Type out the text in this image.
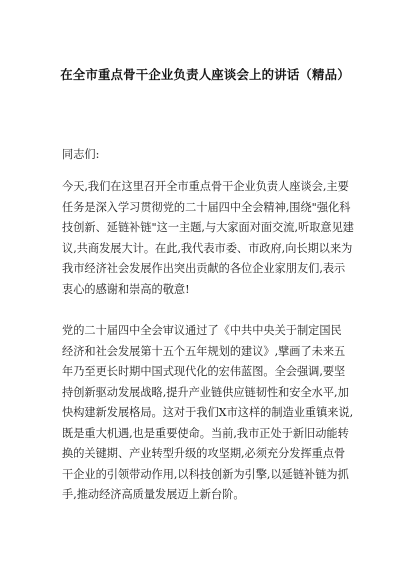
在全市重点骨干企业负责人座谈会上的讲话（精品）
同志们:
今天,我们在这里召开全市重点骨干企业负责人座谈会,主要
任务是深入学习贯彻党的二十届四中全会精神,围绕"强化科
技创新、延链补链"这一主题,与大家面对面交流,听取意见建
议,共商发展大计。在此,我代表市委、市政府,向长期以来为
我市经济社会发展作出突出贡献的各位企业家朋友们,表示
衷心的感谢和崇高的敬意!
党的二十届四中全会审议通过了《中共中央关于制定国民
经济和社会发展第十五个五年规划的建议》,擘画了未来五
年乃至更长时期中国式现代化的宏伟蓝图。全会强调,要坚
持创新驱动发展战略,提升产业链供应链韧性和安全水平,加
快构建新发展格局。这对于我们X市这样的制造业重镇来说,
既是重大机遇,也是重要使命。当前,我市正处于新旧动能转
换的关键期、产业转型升级的攻坚期,必须充分发挥重点骨
干企业的引领带动作用,以科技创新为引擎,以延链补链为抓
手,推动经济高质量发展迈上新台阶。
